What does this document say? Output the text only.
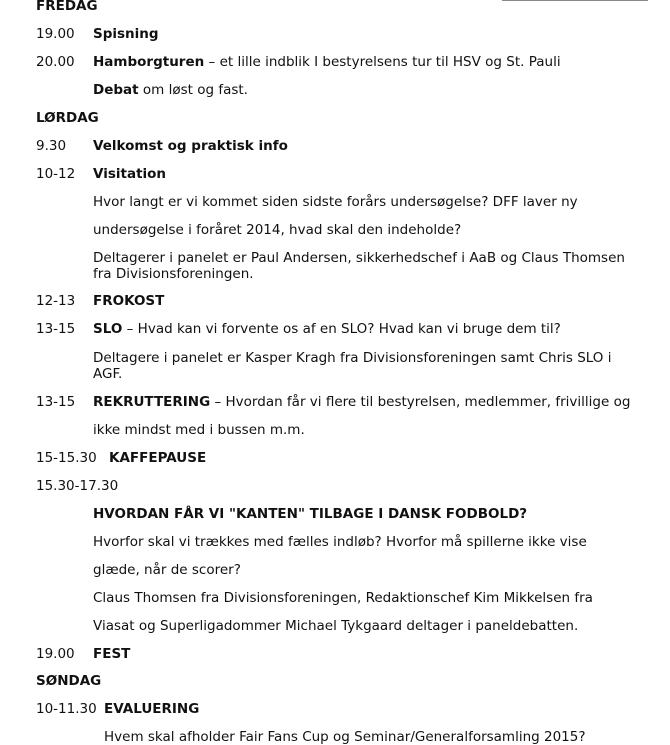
FREDAG
19.00 Spisning
20.00 Hamborgturen – et lille indblik I bestyrelsens tur til HSV og St. Pauli
Debat om løst og fast.
LØRDAG
9.30 Velkomst og praktisk info
10-12 Visitation
Hvor langt er vi kommet siden sidste forårs undersøgelse? DFF laver ny
undersøgelse i foråret 2014, hvad skal den indeholde?
Deltagerer i panelet er Paul Andersen, sikkerhedschef i AaB og Claus Thomsen
fra Divisionsforeningen.
12-13 FROKOST
13-15 SLO – Hvad kan vi forvente os af en SLO? Hvad kan vi bruge dem til?
Deltagere i panelet er Kasper Kragh fra Divisionsforeningen samt Chris SLO i
AGF.
13-15 REKRUTTERING – Hvordan får vi flere til bestyrelsen, medlemmer, frivillige og
ikke mindst med i bussen m.m.
15-15.30 KAFFEPAUSE
15.30-17.30
HVORDAN FÅR VI "KANTEN" TILBAGE I DANSK FODBOLD?
Hvorfor skal vi trækkes med fælles indløb? Hvorfor må spillerne ikke vise
glæde, når de scorer?
Claus Thomsen fra Divisionsforeningen, Redaktionschef Kim Mikkelsen fra
Viasat og Superligadommer Michael Tykgaard deltager i paneldebatten.
19.00 FEST
SØNDAG
10-11.30 EVALUERING
Hvem skal afholder Fair Fans Cup og Seminar/Generalforsamling 2015?
